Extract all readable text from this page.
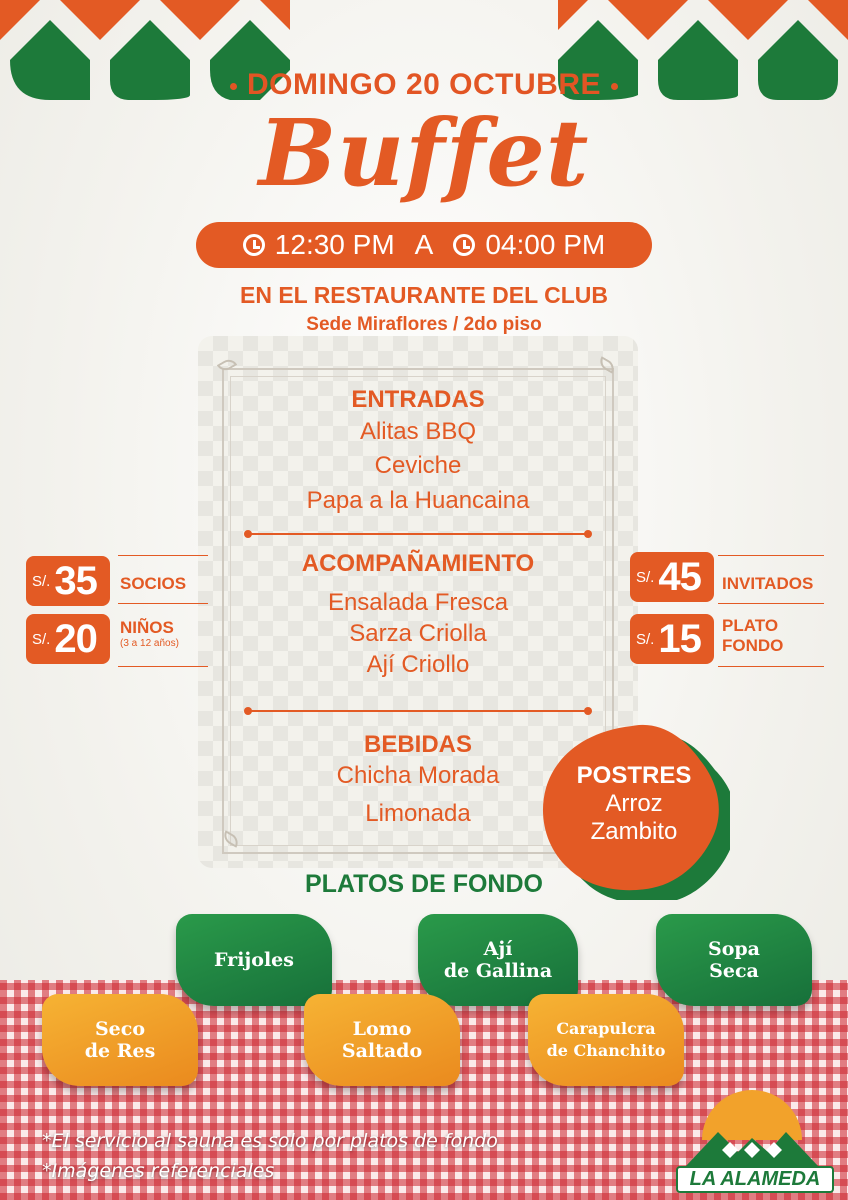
DOMINGO 20 OCTUBRE
Buffet
12:30 PM A 04:00 PM
EN EL RESTAURANTE DEL CLUB
Sede Miraflores / 2do piso
ENTRADAS
Alitas BBQ
Ceviche
Papa a la Huancaina
ACOMPAÑAMIENTO
Ensalada Fresca
Sarza Criolla
Ají Criollo
BEBIDAS
Chicha Morada
Limonada
S/. 35 SOCIOS
S/. 20 NIÑOS
(3 a 12 años)
S/. 45 INVITADOS
S/. 15 PLATO
FONDO
POSTRES
Arroz
Zambito
PLATOS DE FONDO
Frijoles	Ají
de Gallina
Sopa
Seca
Seco
de Res
Lomo
Saltado
Carapulcra
de Chanchito
*El servicio al sauna es solo por platos de fondo
*Imágenes referenciales	LA ALAMEDA
